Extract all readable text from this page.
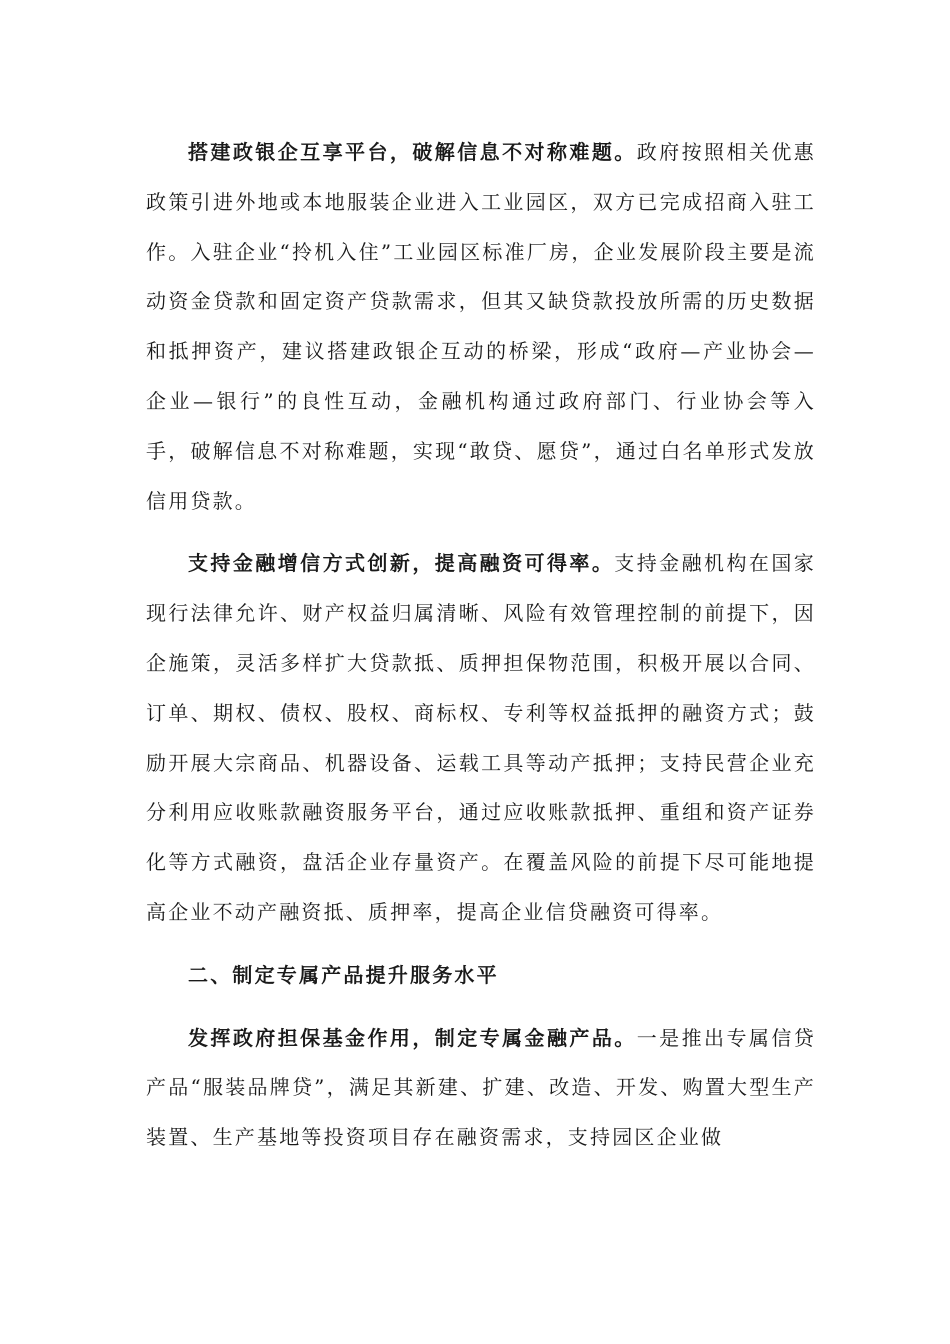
搭建政银企互享平台，破解信息不对称难题。政府按照相关优惠政策引进外地或本地服装企业进入工业园区，双方已完成招商入驻工作。入驻企业“拎机入住”工业园区标准厂房，企业发展阶段主要是流动资金贷款和固定资产贷款需求，但其又缺贷款投放所需的历史数据和抵押资产，建议搭建政银企互动的桥梁，形成“政府—产业协会—企业—银行”的良性互动，金融机构通过政府部门、行业协会等入手，破解信息不对称难题，实现“敢贷、愿贷”，通过白名单形式发放信用贷款。

支持金融增信方式创新，提高融资可得率。支持金融机构在国家现行法律允许、财产权益归属清晰、风险有效管理控制的前提下，因企施策，灵活多样扩大贷款抵、质押担保物范围，积极开展以合同、订单、期权、债权、股权、商标权、专利等权益抵押的融资方式；鼓励开展大宗商品、机器设备、运载工具等动产抵押；支持民营企业充分利用应收账款融资服务平台，通过应收账款抵押、重组和资产证券化等方式融资，盘活企业存量资产。在覆盖风险的前提下尽可能地提高企业不动产融资抵、质押率，提高企业信贷融资可得率。

二、制定专属产品提升服务水平

发挥政府担保基金作用，制定专属金融产品。一是推出专属信贷产品“服装品牌贷”，满足其新建、扩建、改造、开发、购置大型生产装置、生产基地等投资项目存在融资需求，支持园区企业做
